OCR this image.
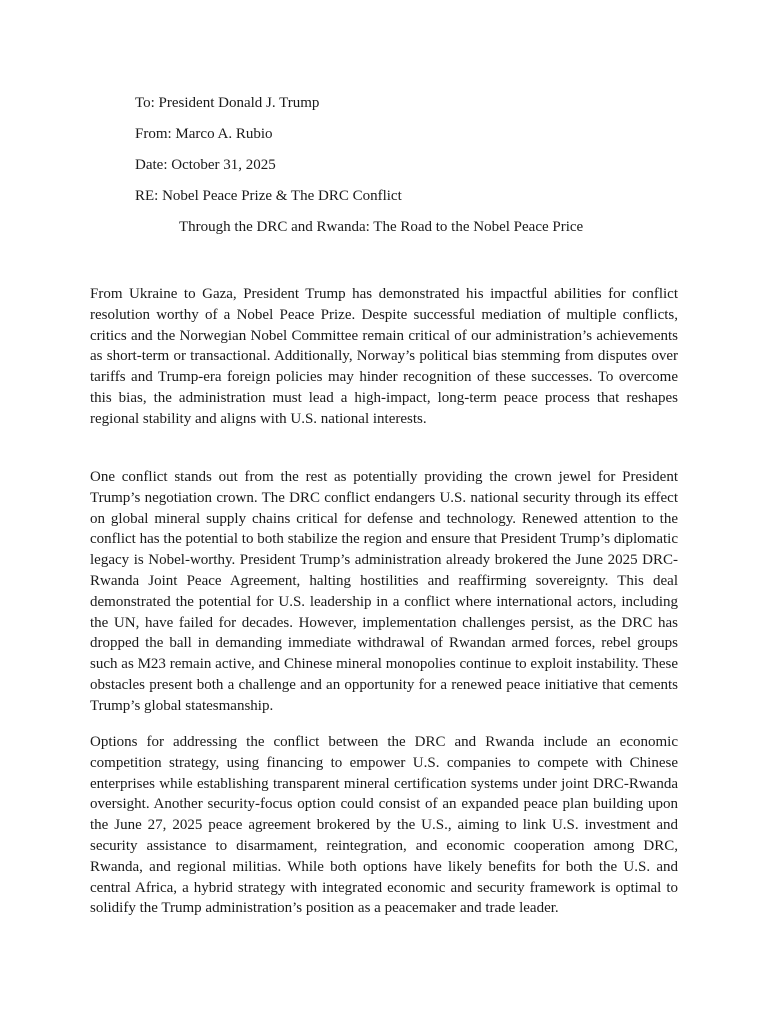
To: President Donald J. Trump
From: Marco A. Rubio
Date: October 31, 2025
RE: Nobel Peace Prize & The DRC Conflict
Through the DRC and Rwanda: The Road to the Nobel Peace Price

From Ukraine to Gaza, President Trump has demonstrated his impactful abilities for conflict resolution worthy of a Nobel Peace Prize. Despite successful mediation of multiple conflicts, critics and the Norwegian Nobel Committee remain critical of our administration’s achievements as short-term or transactional. Additionally, Norway’s political bias stemming from disputes over tariffs and Trump-era foreign policies may hinder recognition of these successes. To overcome this bias, the administration must lead a high-impact, long-term peace process that reshapes regional stability and aligns with U.S. national interests.

One conflict stands out from the rest as potentially providing the crown jewel for President Trump’s negotiation crown. The DRC conflict endangers U.S. national security through its effect on global mineral supply chains critical for defense and technology. Renewed attention to the conflict has the potential to both stabilize the region and ensure that President Trump’s diplomatic legacy is Nobel-worthy. President Trump’s administration already brokered the June 2025 DRC-Rwanda Joint Peace Agreement, halting hostilities and reaffirming sovereignty. This deal demonstrated the potential for U.S. leadership in a conflict where international actors, including the UN, have failed for decades. However, implementation challenges persist, as the DRC has dropped the ball in demanding immediate withdrawal of Rwandan armed forces, rebel groups such as M23 remain active, and Chinese mineral monopolies continue to exploit instability. These obstacles present both a challenge and an opportunity for a renewed peace initiative that cements Trump’s global statesmanship.

Options for addressing the conflict between the DRC and Rwanda include an economic competition strategy, using financing to empower U.S. companies to compete with Chinese enterprises while establishing transparent mineral certification systems under joint DRC-Rwanda oversight. Another security-focus option could consist of an expanded peace plan building upon the June 27, 2025 peace agreement brokered by the U.S., aiming to link U.S. investment and security assistance to disarmament, reintegration, and economic cooperation among DRC, Rwanda, and regional militias. While both options have likely benefits for both the U.S. and central Africa, a hybrid strategy with integrated economic and security framework is optimal to solidify the Trump administration’s position as a peacemaker and trade leader.
